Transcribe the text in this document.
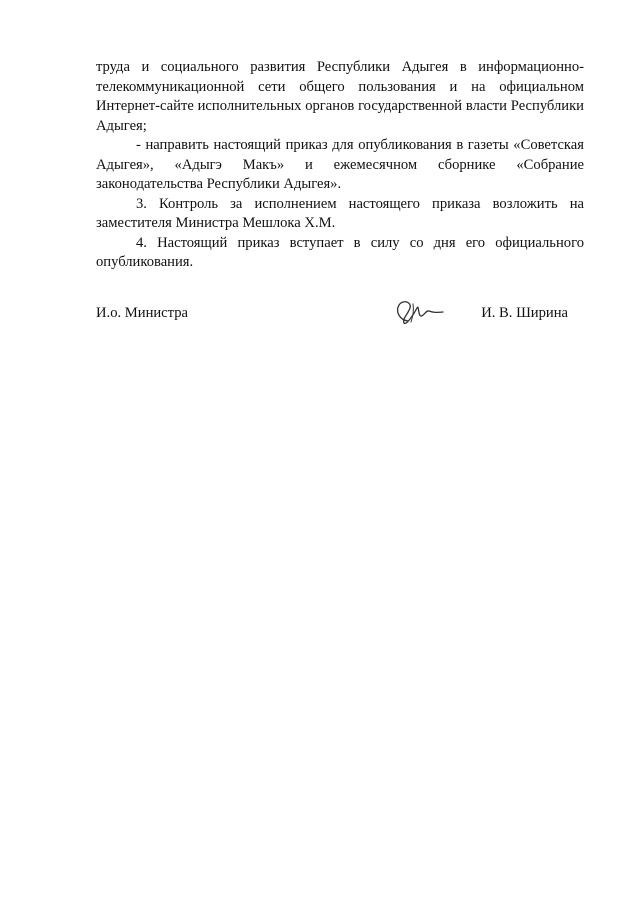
труда и социального развития Республики Адыгея в информационно-телекоммуникационной сети общего пользования и на официальном Интернет-сайте исполнительных органов государственной власти Республики Адыгея;

- направить настоящий приказ для опубликования в газеты «Советская Адыгея», «Адыгэ Макъ» и ежемесячном сборнике «Собрание законодательства Республики Адыгея».

3. Контроль за исполнением настоящего приказа возложить на заместителя Министра Мешлока Х.М.

4. Настоящий приказ вступает в силу со дня его официального опубликования.

И.о. Министра	И. В. Ширина
